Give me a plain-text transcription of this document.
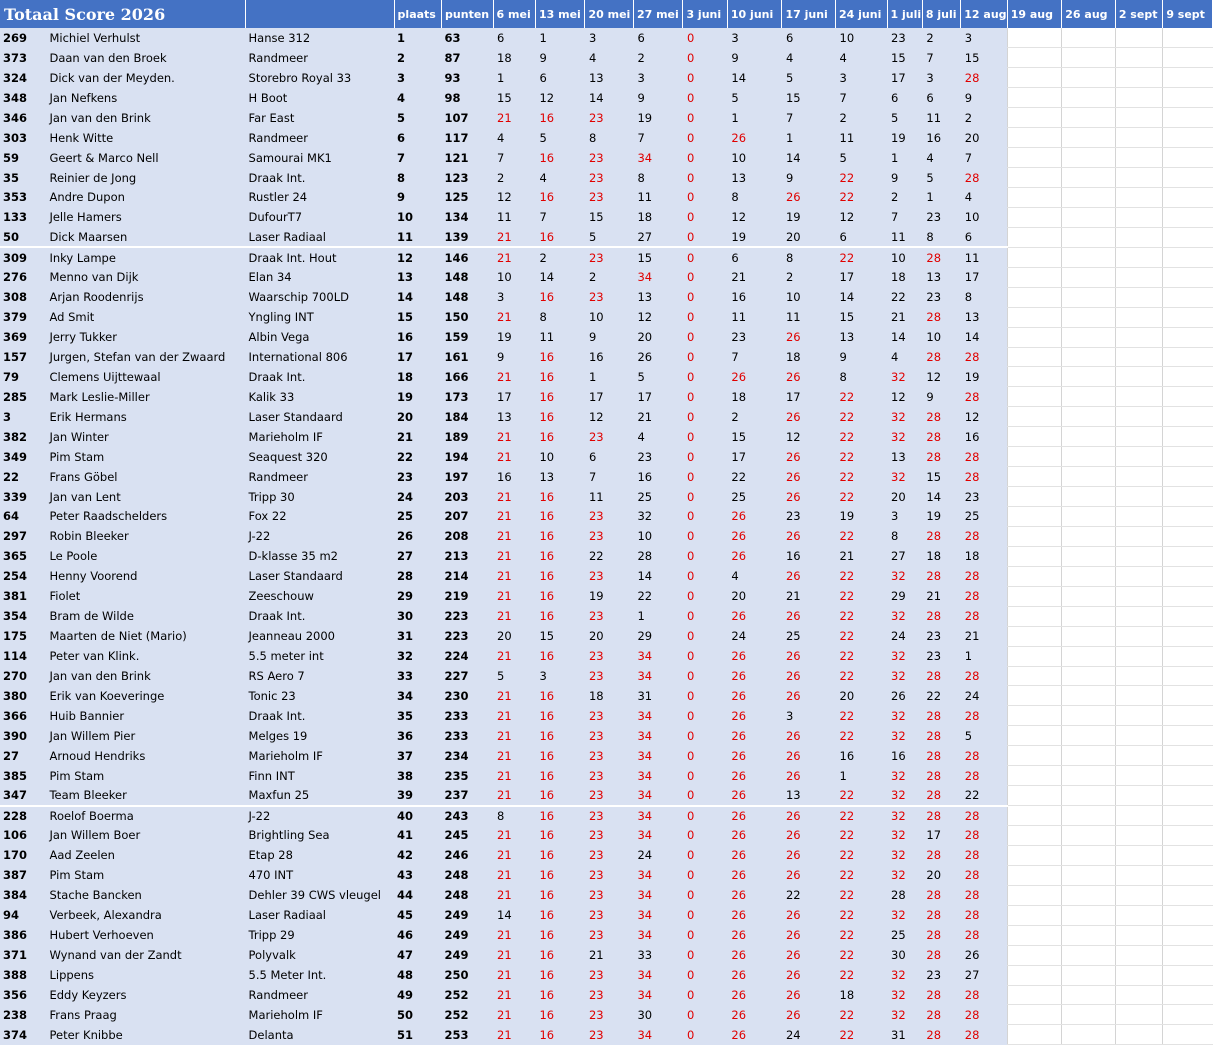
Totaal Score 2026			plaats	punten	6 mei	13 mei	20 mei	27 mei	3 juni	10 juni	17 juni	24 juni	1 juli	8 juli	12 aug	19 aug	26 aug	2 sept	9 sept
269	Michiel Verhulst	Hanse 312	1	63	6	1	3	6	0	3	6	10	23	2	3				
373	Daan van den Broek	Randmeer	2	87	18	9	4	2	0	9	4	4	15	7	15				
324	Dick van der Meyden.	Storebro Royal 33	3	93	1	6	13	3	0	14	5	3	17	3	28				
348	Jan Nefkens	H Boot	4	98	15	12	14	9	0	5	15	7	6	6	9				
346	Jan van den Brink	Far East	5	107	21	16	23	19	0	1	7	2	5	11	2				
303	Henk Witte	Randmeer	6	117	4	5	8	7	0	26	1	11	19	16	20				
59	Geert & Marco Nell	Samourai MK1	7	121	7	16	23	34	0	10	14	5	1	4	7				
35	Reinier de Jong	Draak Int.	8	123	2	4	23	8	0	13	9	22	9	5	28				
353	Andre Dupon	Rustler 24	9	125	12	16	23	11	0	8	26	22	2	1	4				
133	Jelle Hamers	DufourT7	10	134	11	7	15	18	0	12	19	12	7	23	10				
50	Dick Maarsen	Laser Radiaal	11	139	21	16	5	27	0	19	20	6	11	8	6				
309	Inky Lampe	Draak Int. Hout	12	146	21	2	23	15	0	6	8	22	10	28	11				
276	Menno van Dijk	Elan 34	13	148	10	14	2	34	0	21	2	17	18	13	17				
308	Arjan Roodenrijs	Waarschip 700LD	14	148	3	16	23	13	0	16	10	14	22	23	8				
379	Ad Smit	Yngling INT	15	150	21	8	10	12	0	11	11	15	21	28	13				
369	Jerry Tukker	Albin Vega	16	159	19	11	9	20	0	23	26	13	14	10	14				
157	Jurgen, Stefan van der Zwaard	International 806	17	161	9	16	16	26	0	7	18	9	4	28	28				
79	Clemens Uijttewaal	Draak Int.	18	166	21	16	1	5	0	26	26	8	32	12	19				
285	Mark Leslie-Miller	Kalik 33	19	173	17	16	17	17	0	18	17	22	12	9	28				
3	Erik Hermans	Laser Standaard	20	184	13	16	12	21	0	2	26	22	32	28	12				
382	Jan Winter	Marieholm IF	21	189	21	16	23	4	0	15	12	22	32	28	16				
349	Pim Stam	Seaquest 320	22	194	21	10	6	23	0	17	26	22	13	28	28				
22	Frans Göbel	Randmeer	23	197	16	13	7	16	0	22	26	22	32	15	28				
339	Jan van Lent	Tripp 30	24	203	21	16	11	25	0	25	26	22	20	14	23				
64	Peter Raadschelders	Fox 22	25	207	21	16	23	32	0	26	23	19	3	19	25				
297	Robin Bleeker	J-22	26	208	21	16	23	10	0	26	26	22	8	28	28				
365	Le Poole	D-klasse 35 m2	27	213	21	16	22	28	0	26	16	21	27	18	18				
254	Henny Voorend	Laser Standaard	28	214	21	16	23	14	0	4	26	22	32	28	28				
381	Fiolet	Zeeschouw	29	219	21	16	19	22	0	20	21	22	29	21	28				
354	Bram de Wilde	Draak Int.	30	223	21	16	23	1	0	26	26	22	32	28	28				
175	Maarten de Niet (Mario)	Jeanneau 2000	31	223	20	15	20	29	0	24	25	22	24	23	21				
114	Peter van Klink.	5.5 meter int	32	224	21	16	23	34	0	26	26	22	32	23	1				
270	Jan van den Brink	RS Aero 7	33	227	5	3	23	34	0	26	26	22	32	28	28				
380	Erik van Koeveringe	Tonic 23	34	230	21	16	18	31	0	26	26	20	26	22	24				
366	Huib Bannier	Draak Int.	35	233	21	16	23	34	0	26	3	22	32	28	28				
390	Jan Willem Pier	Melges 19	36	233	21	16	23	34	0	26	26	22	32	28	5				
27	Arnoud Hendriks	Marieholm IF	37	234	21	16	23	34	0	26	26	16	16	28	28				
385	Pim Stam	Finn INT	38	235	21	16	23	34	0	26	26	1	32	28	28				
347	Team Bleeker	Maxfun 25	39	237	21	16	23	34	0	26	13	22	32	28	22				
228	Roelof Boerma	J-22	40	243	8	16	23	34	0	26	26	22	32	28	28				
106	Jan Willem Boer	Brightling Sea	41	245	21	16	23	34	0	26	26	22	32	17	28				
170	Aad Zeelen	Etap 28	42	246	21	16	23	24	0	26	26	22	32	28	28				
387	Pim Stam	470 INT	43	248	21	16	23	34	0	26	26	22	32	20	28				
384	Stache Bancken	Dehler 39 CWS vleugel	44	248	21	16	23	34	0	26	22	22	28	28	28				
94	Verbeek, Alexandra	Laser Radiaal	45	249	14	16	23	34	0	26	26	22	32	28	28				
386	Hubert Verhoeven	Tripp 29	46	249	21	16	23	34	0	26	26	22	25	28	28				
371	Wynand van der Zandt	Polyvalk	47	249	21	16	21	33	0	26	26	22	30	28	26				
388	Lippens	5.5 Meter Int.	48	250	21	16	23	34	0	26	26	22	32	23	27				
356	Eddy Keyzers	Randmeer	49	252	21	16	23	34	0	26	26	18	32	28	28				
238	Frans Praag	Marieholm IF	50	252	21	16	23	30	0	26	26	22	32	28	28				
374	Peter Knibbe	Delanta	51	253	21	16	23	34	0	26	24	22	31	28	28				
